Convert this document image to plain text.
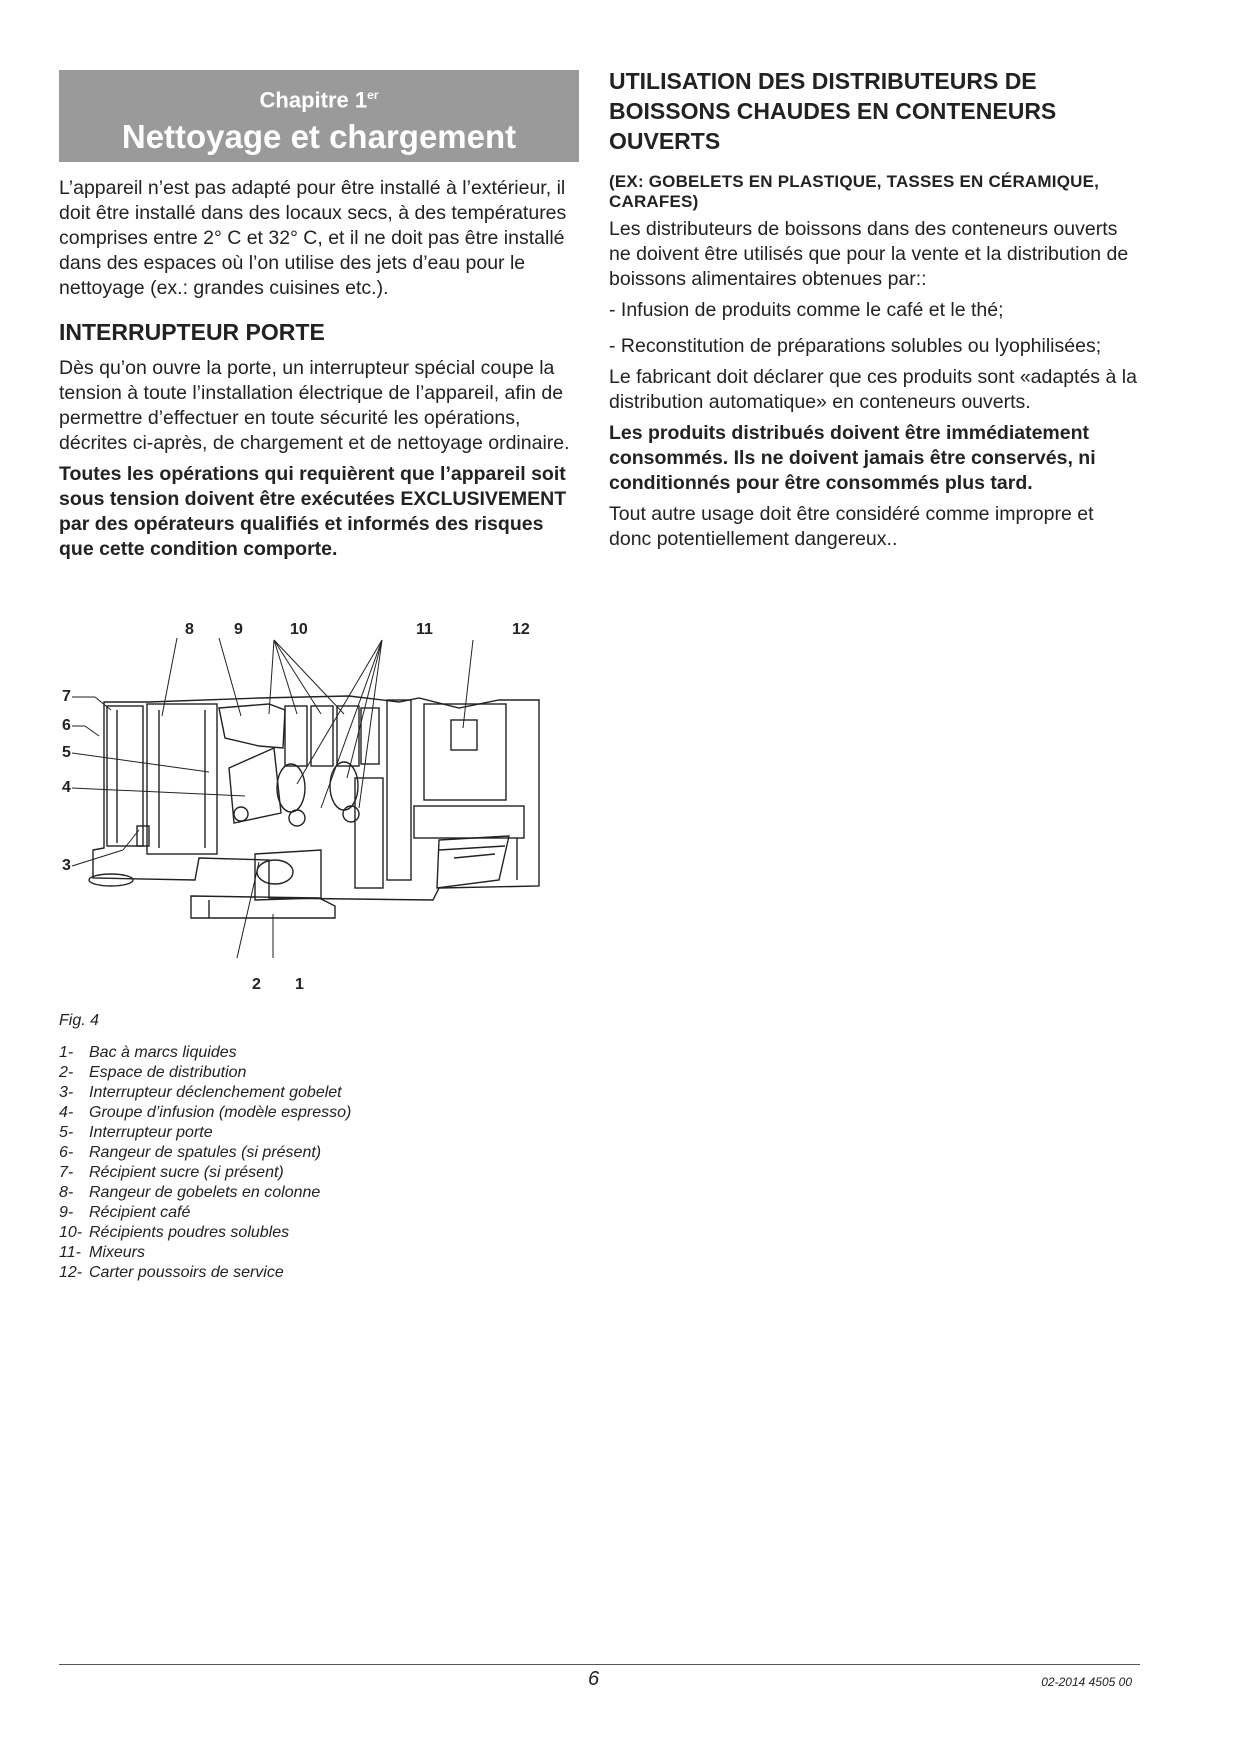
Chapitre 1er
Nettoyage et chargement

L’appareil n’est pas adapté pour être installé à l’extérieur, il doit être installé dans des locaux secs, à des températures comprises entre 2° C et 32° C, et il ne doit pas être installé dans des espaces où l’on utilise des jets d’eau pour le nettoyage (ex.: grandes cuisines etc.).

INTERRUPTEUR PORTE

Dès qu’on ouvre la porte, un interrupteur spécial coupe la tension à toute l’installation électrique de l’appareil, afin de permettre d’effectuer en toute sécurité les opérations, décrites ci-après, de chargement et de nettoyage ordinaire.

Toutes les opérations qui requièrent que l’appareil soit sous tension doivent être exécutées EXCLUSIVEMENT par des opérateurs qualifiés et informés des risques que cette condition comporte.

UTILISATION DES DISTRIBUTEURS DE BOISSONS CHAUDES EN CONTENEURS OUVERTS

(EX: GOBELETS EN PLASTIQUE, TASSES EN CÉRAMIQUE, CARAFES)

Les distributeurs de boissons dans des conteneurs ouverts ne doivent être utilisés que pour la vente et la distribution de boissons alimentaires obtenues par::

- Infusion de produits comme le café et le thé;

- Reconstitution de préparations solubles ou lyophilisées;

Le fabricant doit déclarer que ces produits sont «adaptés à la distribution automatique» en conteneurs ouverts.

Les produits distribués doivent être immédiatement consommés. Ils ne doivent jamais être conservés, ni conditionnés pour être consommés plus tard.

Tout autre usage doit être considéré comme impropre et donc potentiellement dangereux..

8	9	10	11	12
7
6
5
4
3
2 1
Fig. 4
1- Bac à marcs liquides
2- Espace de distribution
3- Interrupteur déclenchement gobelet
4- Groupe d’infusion (modèle espresso)
5- Interrupteur porte
6- Rangeur de spatules (si présent)
7- Récipient sucre (si présent)
8- Rangeur de gobelets en colonne
9- Récipient café
10- Récipients poudres solubles
11- Mixeurs
12- Carter poussoirs de service
6	02-2014 4505 00
